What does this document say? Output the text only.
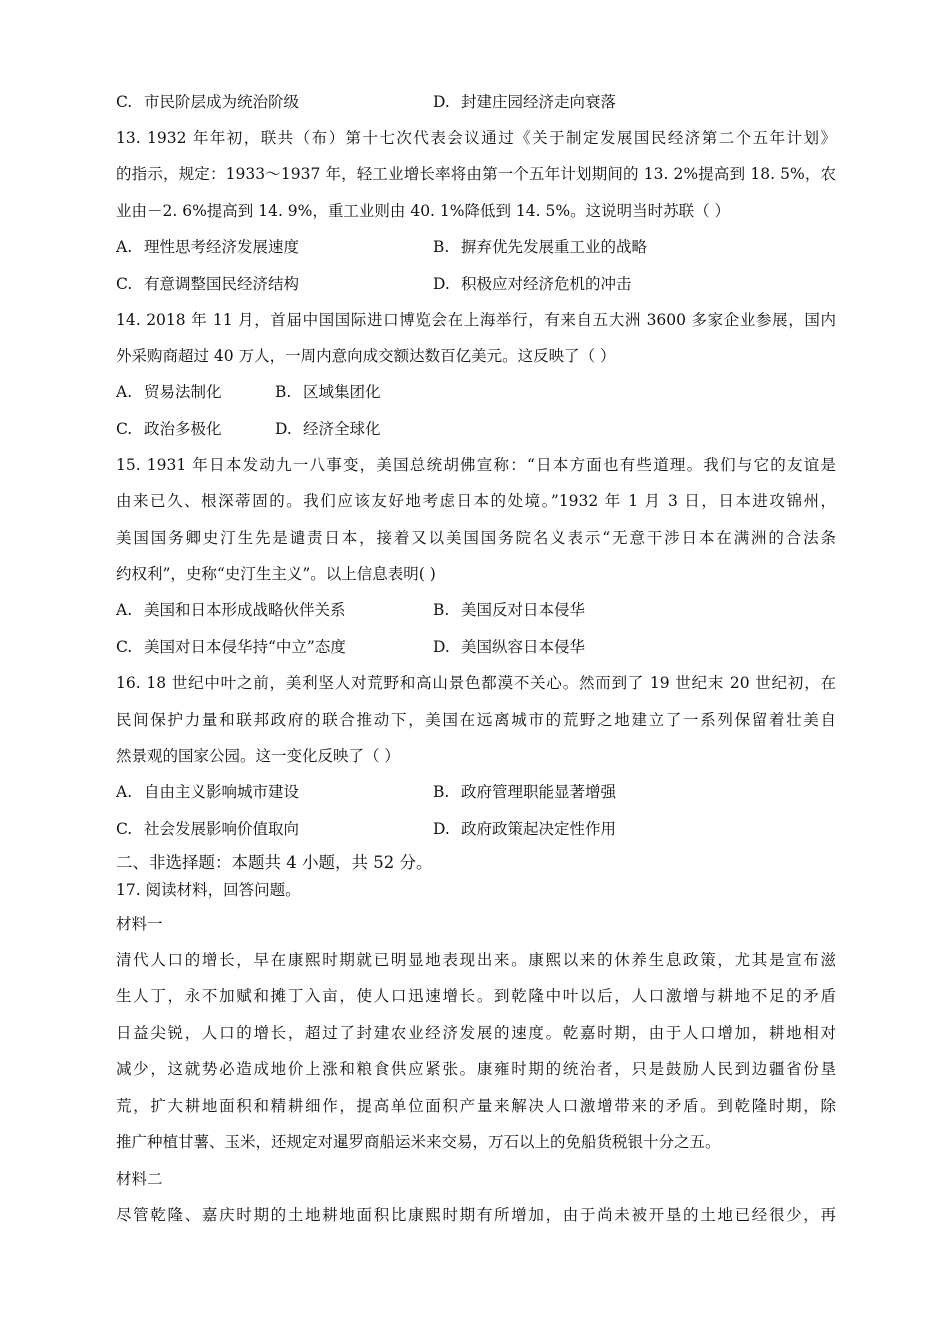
C. 市民阶层成为统治阶级	D. 封建庄园经济走向衰落
13. 1932 年年初，联共（布）第十七次代表会议通过《关于制定发展国民经济第二个五年计划》
的指示，规定：1933～1937 年，轻工业增长率将由第一个五年计划期间的 13. 2%提高到 18. 5%，农
业由－2. 6%提高到 14. 9%，重工业则由 40. 1%降低到 14. 5%。这说明当时苏联（ ）
A. 理性思考经济发展速度	B. 摒弃优先发展重工业的战略
C. 有意调整国民经济结构	D. 积极应对经济危机的冲击
14. 2018 年 11 月，首届中国国际进口博览会在上海举行，有来自五大洲 3600 多家企业参展，国内
外采购商超过 40 万人，一周内意向成交额达数百亿美元。这反映了（ ）
A. 贸易法制化	B. 区域集团化
C. 政治多极化	D. 经济全球化
15. 1931 年日本发动九一八事变，美国总统胡佛宣称：“日本方面也有些道理。我们与它的友谊是
由来已久、根深蒂固的。我们应该友好地考虑日本的处境。”1932 年 1 月 3 日，日本进攻锦州，
美国国务卿史汀生先是谴责日本，接着又以美国国务院名义表示“无意干涉日本在满洲的合法条
约权利”，史称“史汀生主义”。以上信息表明( )
A. 美国和日本形成战略伙伴关系	B. 美国反对日本侵华
C. 美国对日本侵华持“中立”态度	D. 美国纵容日本侵华
16. 18 世纪中叶之前，美利坚人对荒野和高山景色都漠不关心。然而到了 19 世纪末 20 世纪初，在
民间保护力量和联邦政府的联合推动下，美国在远离城市的荒野之地建立了一系列保留着壮美自
然景观的国家公园。这一变化反映了（ ）
A. 自由主义影响城市建设	B. 政府管理职能显著增强
C. 社会发展影响价值取向	D. 政府政策起决定性作用
二、非选择题：本题共 4 小题，共 52 分。
17. 阅读材料，回答问题。
材料一
清代人口的增长，早在康熙时期就已明显地表现出来。康熙以来的休养生息政策，尤其是宣布滋
生人丁，永不加赋和摊丁入亩，使人口迅速增长。到乾隆中叶以后，人口激增与耕地不足的矛盾
日益尖锐，人口的增长，超过了封建农业经济发展的速度。乾嘉时期，由于人口增加，耕地相对
减少，这就势必造成地价上涨和粮食供应紧张。康雍时期的统治者，只是鼓励人民到边疆省份垦
荒，扩大耕地面积和精耕细作，提高单位面积产量来解决人口激增带来的矛盾。到乾隆时期，除
推广种植甘薯、玉米，还规定对暹罗商船运米来交易，万石以上的免船货税银十分之五。
材料二
尽管乾隆、嘉庆时期的土地耕地面积比康熙时期有所增加，由于尚未被开垦的土地已经很少，再
